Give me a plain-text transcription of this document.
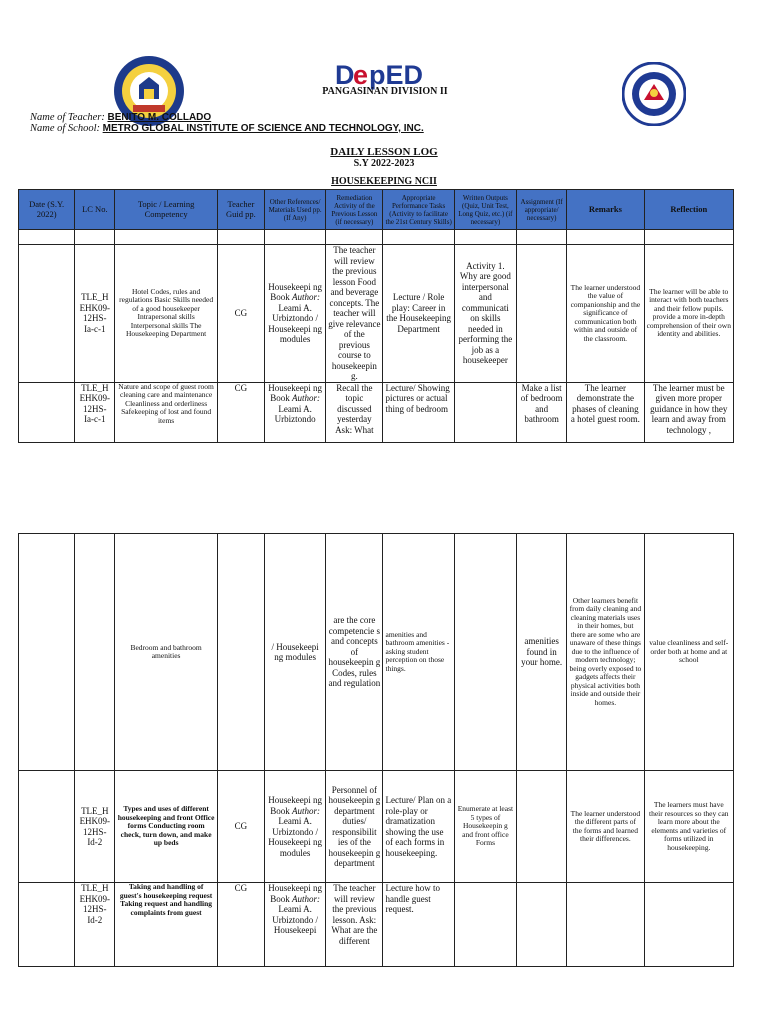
D
e pED
PANGASINAN DIVISION II
Name of Teacher: BENITO M. COLLADO
Name of School: METRO GLOBAL INSTITUTE OF SCIENCE AND TECHNOLOGY, INC.
DAILY LESSON LOG
S.Y 2022-2023
HOUSEKEEPING NCII
Date (S.Y. 2022)	LC No.	Topic / Learning Competency	Teacher Guid pp.	Other References/ Materials Used pp. (If Any)	Remediation Activity of the Previous Lesson (if necessary)	Appropriate Performance Tasks (Activity to facilitate the 21st Century Skills)	Written Outputs (Quiz, Unit Test, Long Quiz, etc.) (if necessary)	Assignment (If appropriate/ necessary)	Remarks	Reflection

	TLE_H EHK09- 12HS- Ia-c-1	Hotel Codes, rules and regulations Basic Skills needed of a good housekeeper Intrapersonal skills Interpersonal skills The Housekeeping Department	CG	Housekeepi ng Book Author: Leami A. Urbiztondo / Housekeepi ng modules	The teacher will review the previous lesson Food and beverage concepts. The teacher will give relevance of the previous course to housekeepin g.	Lecture / Role play: Career in the Housekeeping Department	Activity 1. Why are good interpersonal and communicati on skills needed in performing the job as a housekeeper		The learner understood the value of companionship and the significance of communication both within and outside of the classroom.	The learner will be able to interact with both teachers and their fellow pupils. provide a more in-depth comprehension of their own identity and abilities.
	TLE_H EHK09- 12HS- Ia-c-1	Nature and scope of guest room cleaning care and maintenance Cleanliness and orderliness Safekeeping of lost and found items	CG	Housekeepi ng Book Author: Leami A. Urbiztondo	Recall the topic discussed yesterday Ask: What	Lecture/ Showing pictures or actual thing of bedroom		Make a list of bedroom and bathroom	The learner demonstrate the phases of cleaning a hotel guest room.	The learner must be given more proper guidance in how they learn and away from technology ,
		Bedroom and bathroom amenities		/ Housekeepi ng modules	are the core competencie s and concepts of housekeepin g Codes, rules and regulation	amenities and bathroom amenities - asking student perception on those things.		amenities found in your home.	Other learners benefit from daily cleaning and cleaning materials uses in their homes, but there are some who are unaware of these things due to the influence of modern technology; being overly exposed to gadgets affects their physical activities both inside and outside their homes.	value cleanliness and self-order both at home and at school
	TLE_H EHK09- 12HS- Id-2	Types and uses of different housekeeping and front Office forms Conducting room check, turn down, and make up beds	CG	Housekeepi ng Book Author: Leami A. Urbiztondo / Housekeepi ng modules	Personnel of housekeepin g department duties/ responsibilit ies of the housekeepin g department	Lecture/ Plan on a role-play or dramatization showing the use of each forms in housekeeping.	Enumerate at least 5 types of Housekeepin g and front office Forms		The learner understood the different parts of the forms and learned their differences.	The learners must have their resources so they can learn more about the elements and varieties of forms utilized in housekeeping.
	TLE_H EHK09- 12HS- Id-2	Taking and handling of guest's housekeeping request Taking request and handling complaints from guest	CG	Housekeepi ng Book Author: Leami A. Urbiztondo / Housekeepi	The teacher will review the previous lesson. Ask: What are the different	Lecture how to handle guest request.				
